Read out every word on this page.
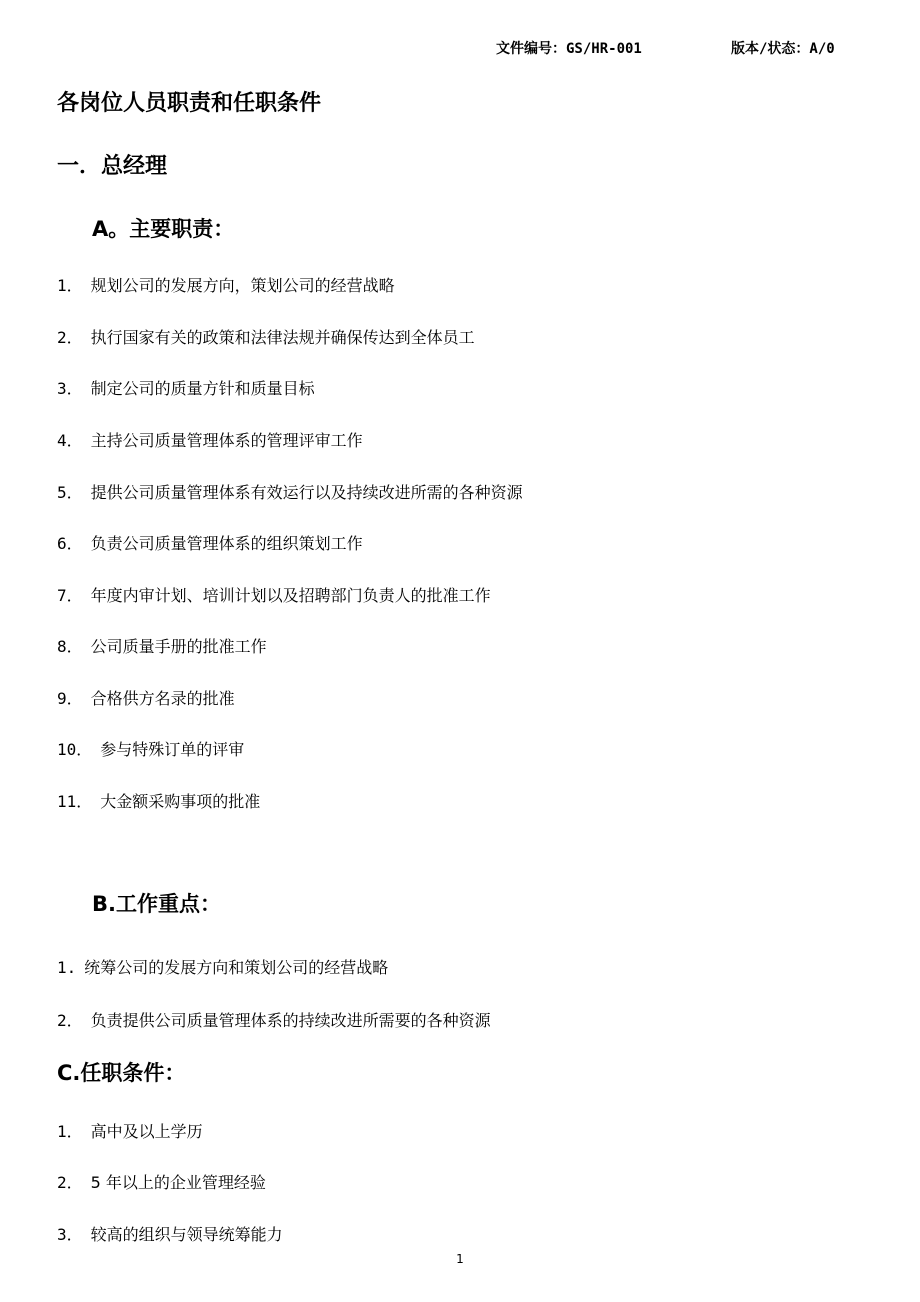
文件编号：GS/HR-001	版本/状态：A/0
各岗位人员职责和任职条件
一．总经理
A。主要职责：
1． 规划公司的发展方向，策划公司的经营战略
2． 执行国家有关的政策和法律法规并确保传达到全体员工
3． 制定公司的质量方针和质量目标
4． 主持公司质量管理体系的管理评审工作
5． 提供公司质量管理体系有效运行以及持续改进所需的各种资源
6． 负责公司质量管理体系的组织策划工作
7． 年度内审计划、培训计划以及招聘部门负责人的批准工作
8． 公司质量手册的批准工作
9． 合格供方名录的批准
10． 参与特殊订单的评审
11． 大金额采购事项的批准
B.工作重点：
1. 统筹公司的发展方向和策划公司的经营战略
2． 负责提供公司质量管理体系的持续改进所需要的各种资源
C.任职条件：
1． 高中及以上学历
2． 5 年以上的企业管理经验
3． 较高的组织与领导统筹能力
1
